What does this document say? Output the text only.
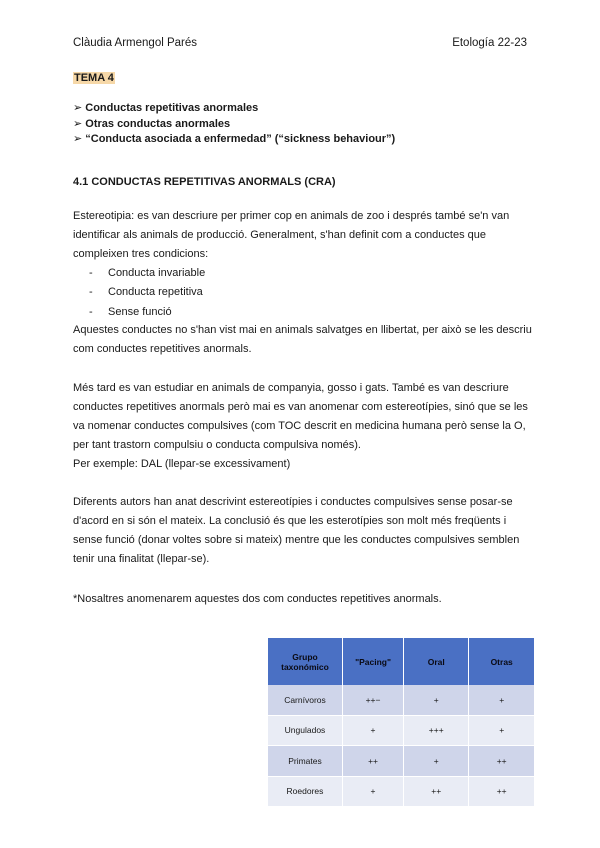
Clàudia Armengol Parés	Etología 22-23
TEMA 4
➢ Conductas repetitivas anormales
➢ Otras conductas anormales
➢ “Conducta asociada a enfermedad” (“sickness behaviour”)
4.1 CONDUCTAS REPETITIVAS ANORMALS (CRA)
Estereotipia: es van descriure per primer cop en animals de zoo i després també se'n van identificar als animals de producció. Generalment, s'han definit com a conductes que compleixen tres condicions:
-	Conducta invariable
-	Conducta repetitiva
-	Sense funció
Aquestes conductes no s'han vist mai en animals salvatges en llibertat, per això se les descriu com conductes repetitives anormals.
Més tard es van estudiar en animals de companyia, gosso i gats. També es van descriure conductes repetitives anormals però mai es van anomenar com estereotípies, sinó que se les va nomenar conductes compulsives (com TOC descrit en medicina humana però sense la O, per tant trastorn compulsiu o conducta compulsiva només).
Per exemple: DAL (llepar-se excessivament)
Diferents autors han anat descrivint estereotípies i conductes compulsives sense posar-se d'acord en si són el mateix. La conclusió és que les esterotípies son molt més freqüents i sense funció (donar voltes sobre si mateix) mentre que les conductes compulsives semblen tenir una finalitat (llepar-se).
*Nosaltres anomenarem aquestes dos com conductes repetitives anormals.
Grupo taxonómico	"Pacing"	Oral	Otras
Carnívoros	++−	+	+
Ungulados	+	+++	+
Primates	++	+	++
Roedores	+	++	++
